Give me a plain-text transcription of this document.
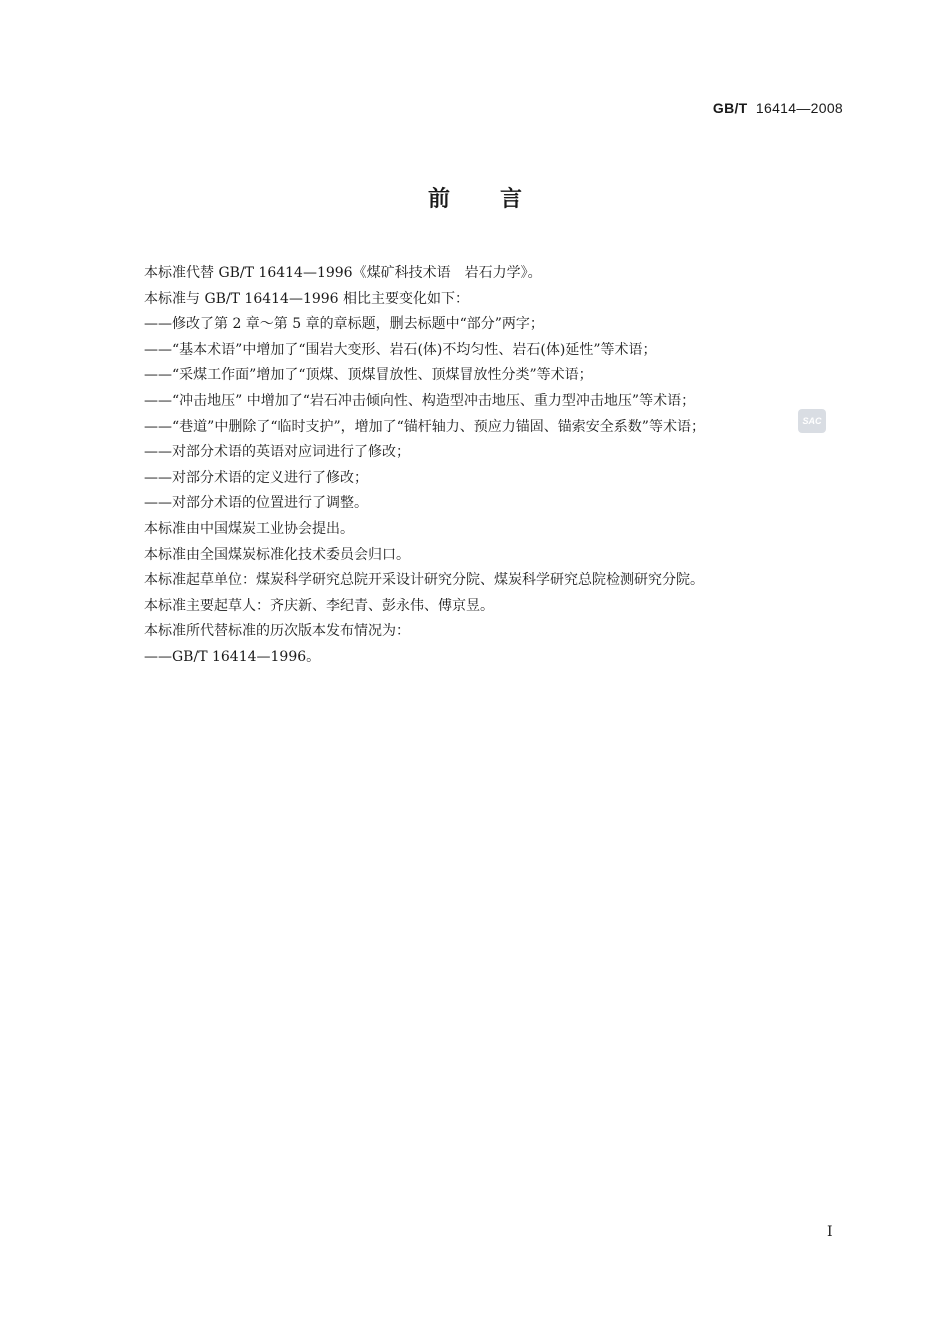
GB/T 16414—2008
前言
本标准代替 GB/T 16414—1996《煤矿科技术语　岩石力学》。
本标准与 GB/T 16414—1996 相比主要变化如下：
——修改了第 2 章～第 5 章的章标题，删去标题中“部分”两字；
——“基本术语”中增加了“围岩大变形、岩石(体)不均匀性、岩石(体)延性”等术语；
——“采煤工作面”增加了“顶煤、顶煤冒放性、顶煤冒放性分类”等术语；
——“冲击地压” 中增加了“岩石冲击倾向性、构造型冲击地压、重力型冲击地压”等术语；
——“巷道”中删除了“临时支护”，增加了“锚杆轴力、预应力锚固、锚索安全系数”等术语；
——对部分术语的英语对应词进行了修改；
——对部分术语的定义进行了修改；
——对部分术语的位置进行了调整。
本标准由中国煤炭工业协会提出。
本标准由全国煤炭标准化技术委员会归口。
本标准起草单位：煤炭科学研究总院开采设计研究分院、煤炭科学研究总院检测研究分院。
本标准主要起草人：齐庆新、李纪青、彭永伟、傅京昱。
本标准所代替标准的历次版本发布情况为：
——GB/T 16414—1996。
SAC
I
